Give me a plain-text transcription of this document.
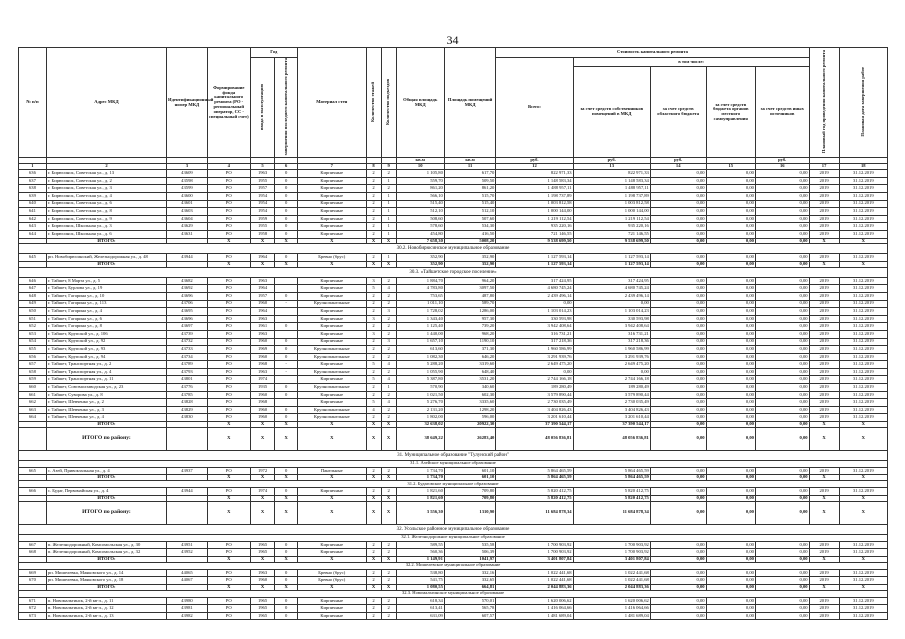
34
№ п/п	Адрес МКД	Идентификационный номер МКД	Формирование фонда капитального ремонта (РО - региональный оператор, СС - специальный счет)	Год		Материал стен	Количество этажей	Количество подъездов	Общая площадь МКД	Площадь помещений МКД	Стоимость капитального ремонта					Плановый год проведения капитального ремонта	Плановая дата завершения работ
				ввода в эксплуатацию	завершения последнего капитального ремонта						Всего:	в том числе:					
												за счет средств собственников помещений в МКД	за счет средств областного бюджета	за счет средств бюджета органов местного самоуправления	за счет средств иных источников		
									кв.м	кв.м	руб.	руб.	руб.		руб.		
1	2	3	4	5	6	7	8	9	10	11	12	13	14	15	16	17	18
636	г. Бирюсинск, Советская ул., д. 13	43609	РО	1963	0	Кирпичные	2	2	1 105,80	617,70	822 971,33	822 971,33	0,00	0,00	0,00	2019	31.12.2019
637	г. Бирюсинск, Советская ул., д. 2	43598	РО	1955	0	Кирпичные	2	1	559,70	509,50	1 148 583,34	1 148 583,34	0,00	0,00	0,00	2019	31.12.2019
638	г. Бирюсинск, Советская ул., д. 3	43599	РО	1957	0	Кирпичные	2	2	861,20	861,20	1 488 957,11	1 488 957,11	0,00	0,00	0,00	2019	31.12.2019
639	г. Бирюсинск, Советская ул., д. 4	43600	РО	1954	0	Кирпичные	2	1	566,10	515,70	1 198 737,89	1 198 737,89	0,00	0,00	0,00	2019	31.12.2019
640	г. Бирюсинск, Советская ул., д. 6	43601	РО	1954	0	Кирпичные	2	1	515,40	515,40	1 003 812,58	1 003 812,58	0,00	0,00	0,00	2019	31.12.2019
641	г. Бирюсинск, Советская ул., д. 8	43603	РО	1954	0	Кирпичные	2	1	512,10	512,10	1 000 144,00	1 000 144,00	0,00	0,00	0,00	2019	31.12.2019
642	г. Бирюсинск, Советская ул., д. 9	43604	РО	1959	0	Кирпичные	2	1	508,60	507,60	1 219 112,54	1 219 112,54	0,00	0,00	0,00	2019	31.12.2019
643	г. Бирюсинск, Школьная ул., д. 3	43629	РО	1955	0	Кирпичные	2	1	578,60	534,30	935 220,16	935 220,16	0,00	0,00	0,00	2019	31.12.2019
644	г. Бирюсинск, Школьная ул., д. 6	43631	РО	1958	0	Кирпичные	2	1	454,80	416,50	721 146,55	721 146,55	0,00	0,00	0,00	2019	31.12.2019
	ИТОГО:		X	X	X	X	X	X	7 658,30	5008,20	9 538 699,50	9 538 699,50	0,00	0,00	0,00	X	X
30.2. Новобирюсинское муниципальное образование																	
645	рп. Новобирюсинский, Железнодорожная ул., д. 48	43944	РО	1964	0	Бревно (брус)	2	1	352,90	352,90	1 127 593,14	1 127 593,14	0,00	0,00	0,00	2019	31.12.2019
	ИТОГО:		X	X	X	X	X	X	352,90	352,90	1 127 593,14	1 127 593,14	0,00	0,00	0,00	X	X
30.3. «Тайшетское городское поселение»																	
646	г. Тайшет, 8 Марта ул., д. 5	43682	РО	1963		Кирпичные	3	2	1 884,70	964,20	317 424,95	317 424,95	0,00	0,00	0,00	2019	31.12.2019
647	г. Тайшет, Бурлова ул., д. 19	43692	РО	1964		Кирпичные	5	4	4 783,80	3097,50	4 680 745,24	4 680 745,24	0,00	0,00	0,00	2019	31.12.2019
648	г. Тайшет, Гагарина ул., д. 10	43696	РО	1957	0	Кирпичные	2	2	753,65	487,80	2 439 496,14	2 439 496,14	0,00	0,00	0,00	2019	31.12.2019
649	г. Тайшет, Гагарина ул., д. 113	43706	РО	1960	-	Крупнопанельные	2	2	1 011,10	589,70	0,00	0,00	0,00	0,00	0,00	2019	31.12.2019
650	г. Тайшет, Гагарина ул., д. 4	43695	РО	1964		Кирпичные	2	3	1 728,02	1286,00	1 103 014,23	1 103 014,23	0,00	0,00	0,00	2019	31.12.2019
651	г. Тайшет, Гагарина ул., д. 6	43696	РО	1963		Кирпичные	3	2	1 343,40	957,30	330 593,98	330 593,98	0,00	0,00	0,00	2019	31.12.2019
652	г. Тайшет, Гагарина ул., д. 8	43697	РО	1961	0	Кирпичные	2	2	1 125,40	739,20	3 942 408,64	3 942 408,64	0,00	0,00	0,00	2019	31.12.2019
653	г. Тайшет, Крупской ул., д. 106	43739	РО	1963		Кирпичные	3	2	1 440,00	968,20	316 731,21	316 731,21	0,00	0,00	0,00	2019	31.12.2019
654	г. Тайшет, Крупской ул., д. 92	43732	РО	1960	0	Кирпичные	2	3	1 657,10	1190,10	317 218,36	317 218,36	0,00	0,00	0,00	2019	31.12.2019
655	г. Тайшет, Крупской ул., д. 93	43733	РО	1969	0	Крупнопанельные	2	2	613,60	371,30	1 960 586,99	1 960 586,99	0,00	0,00	0,00	2019	31.12.2019
656	г. Тайшет, Крупской ул., д. 94	43734	РО	1960	0	Крупнопанельные	2	2	1 082,30	646,20	3 291 939,76	3 291 939,76	0,00	0,00	0,00	2019	31.12.2019
657	г. Тайшет, Транспортная ул., д. 2	43789	РО	1968	-	Кирпичные	5	4	5 288,20	3319,60	2 649 475,20	2 649 475,20	0,00	0,00	0,00	2019	31.12.2019
658	г. Тайшет, Транспортная ул., д. 4	43793	РО	1963	-	Крупнопанельные	2	2	1 055,90	648,40	0,00	0,00	0,00	0,00	0,00	2019	31.12.2019
659	г. Тайшет, Транспортная ул., д. 11	43801	РО	1974		Кирпичные	5	4	5 387,80	3531,20	2 744 166,18	2 744 166,18	0,00	0,00	0,00	2019	31.12.2019
660	г. Тайшет, Союзмолзаводская ул., д. 23	43776	РО	1935	0	Крупнопанельные	2	1	570,90	340,60	189 280,49	189 280,49	0,00	0,00	0,00	2019	31.12.2019
661	г. Тайшет, Суворова ул., д. 8	43785	РО	1960	0	Кирпичные	2	2	1 021,50	602,30	3 579 890,44	3 579 890,44	0,00	0,00	0,00	2019	31.12.2019
662	г. Тайшет, Шевченко ул., д. 2	43828	РО	1968		Кирпичные	5	4	5 276,70	3335,60	2 730 035,49	2 730 035,49	0,00	0,00	0,00	2019	31.12.2019
663	г. Тайшет, Шевченко ул., д. 3	43829	РО	1960	0	Крупнопанельные	4	2	2 131,20	1298,20	3 404 826,43	3 404 826,43	0,00	0,00	0,00	2019	31.12.2019
664	г. Тайшет, Шевченко ул., д. 4	43830	РО	1960	0	Крупнопанельные	2	2	1 802,00	596,00	3 201 610,44	3 201 610,44	0,00	0,00	0,00	2019	31.12.2019
	ИТОГО:		X	X	X	X	X	X	32 638,02	20922,30	37 390 544,17	37 390 544,17	0,00	0,00	0,00	X	X
	ИТОГО по району:		X	X	X	X	X	X	38 649,22	26283,40	48 056 836,81	48 056 836,81	0,00	0,00	0,00	X	X
31. Муниципальное образование "Тулунский район"																	
31.1. Азейское муниципальное образование																	
665	с. Азей, Привокзальная ул., д. 4	43937	РО	1972	0	Панельные	2	2	1 734,70	601,10	5 864 465,59	5 864 465,59	0,00	0,00	0,00	2019	31.12.2019
	ИТОГО:		X	X	X	X	X	X	1 734,70	601,10	5 864 465,59	5 864 465,59	0,00	0,00	0,00	X	X
31.2. Будаговское муниципальное образование																	
666	с. Будаг, Первомайская ул., д. 4	43944	РО	1974	0	Кирпичные	2	2	1 821,60	709,80	5 820 412,75	5 820 412,75	0,00	0,00	0,00	2019	31.12.2019
	ИТОГО:		X	X	X	X	X	X	1 821,60	709,80	5 820 412,75	5 820 412,75	0,00	0,00	0,00	X	X
	ИТОГО по району:		X	X	X	X	X	X	3 556,30	1310,90	11 684 878,34	11 684 878,34	0,00	0,00	0,00	X	X
32. Усольское районное муниципальное образование																	
32.1. Железнодорожное муниципальное образование																	
667	п. Железнодорожный, Комсомольская ул., д. 30	43951	РО	1965	0	Кирпичные	2	2	589,55	535,58	1 700 903,92	1 700 903,92	0,00	0,00	0,00	2019	31.12.2019
668	п. Железнодорожный, Комсомольская ул., д. 32	43952	РО	1965	0	Кирпичные	2	2	560,36	506,39	1 700 903,92	1 700 903,92	0,00	0,00	0,00	2019	31.12.2019
	ИТОГО:		X	X	X	X	X	X	1 149,91	1041,97	3 401 807,84	3 401 807,84	0,00	0,00	0,00	X	X
32.2. Мишелевское муниципальное образование																	
669	рп. Мишелевка, Маяковского ул., д. 14	44065	РО	1963	0	Бревно (брус)	2	2	538,80	332,16	1 022 441,68	1 022 441,68	0,00	0,00	0,00	2019	31.12.2019
670	рп. Мишелевка, Маяковского ул., д. 18	44067	РО	1960	0	Бревно (брус)	2	2	541,75	332,65	1 022 441,68	1 022 441,68	0,00	0,00	0,00	2019	31.12.2019
	ИТОГО:		X	X	X	X	X	X	1 080,55	664,81	2 044 883,36	2 044 883,36	0,00	0,00	0,00	X	X
32.3. Новомальтинское муниципальное образование																	
671	п. Новомальтинск, 2-й кв-л., д. 11	43980	РО	1965	0	Кирпичные	2	2	618,34	570,01	1 620 006,62	1 620 006,62	0,00	0,00	0,00	2019	31.12.2019
672	п. Новомальтинск, 2-й кв-л., д. 12	43981	РО	1965	0	Кирпичные	2	2	613,41	565,78	1 416 064,66	1 416 064,66	0,00	0,00	0,00	2019	31.12.2019
673	п. Новомальтинск, 2-й кв-л., д. 13	43982	РО	1965	0	Кирпичные	2	2	631,09	607,57	1 481 689,04	1 481 689,04	0,00	0,00	0,00	2019	31.12.2019
